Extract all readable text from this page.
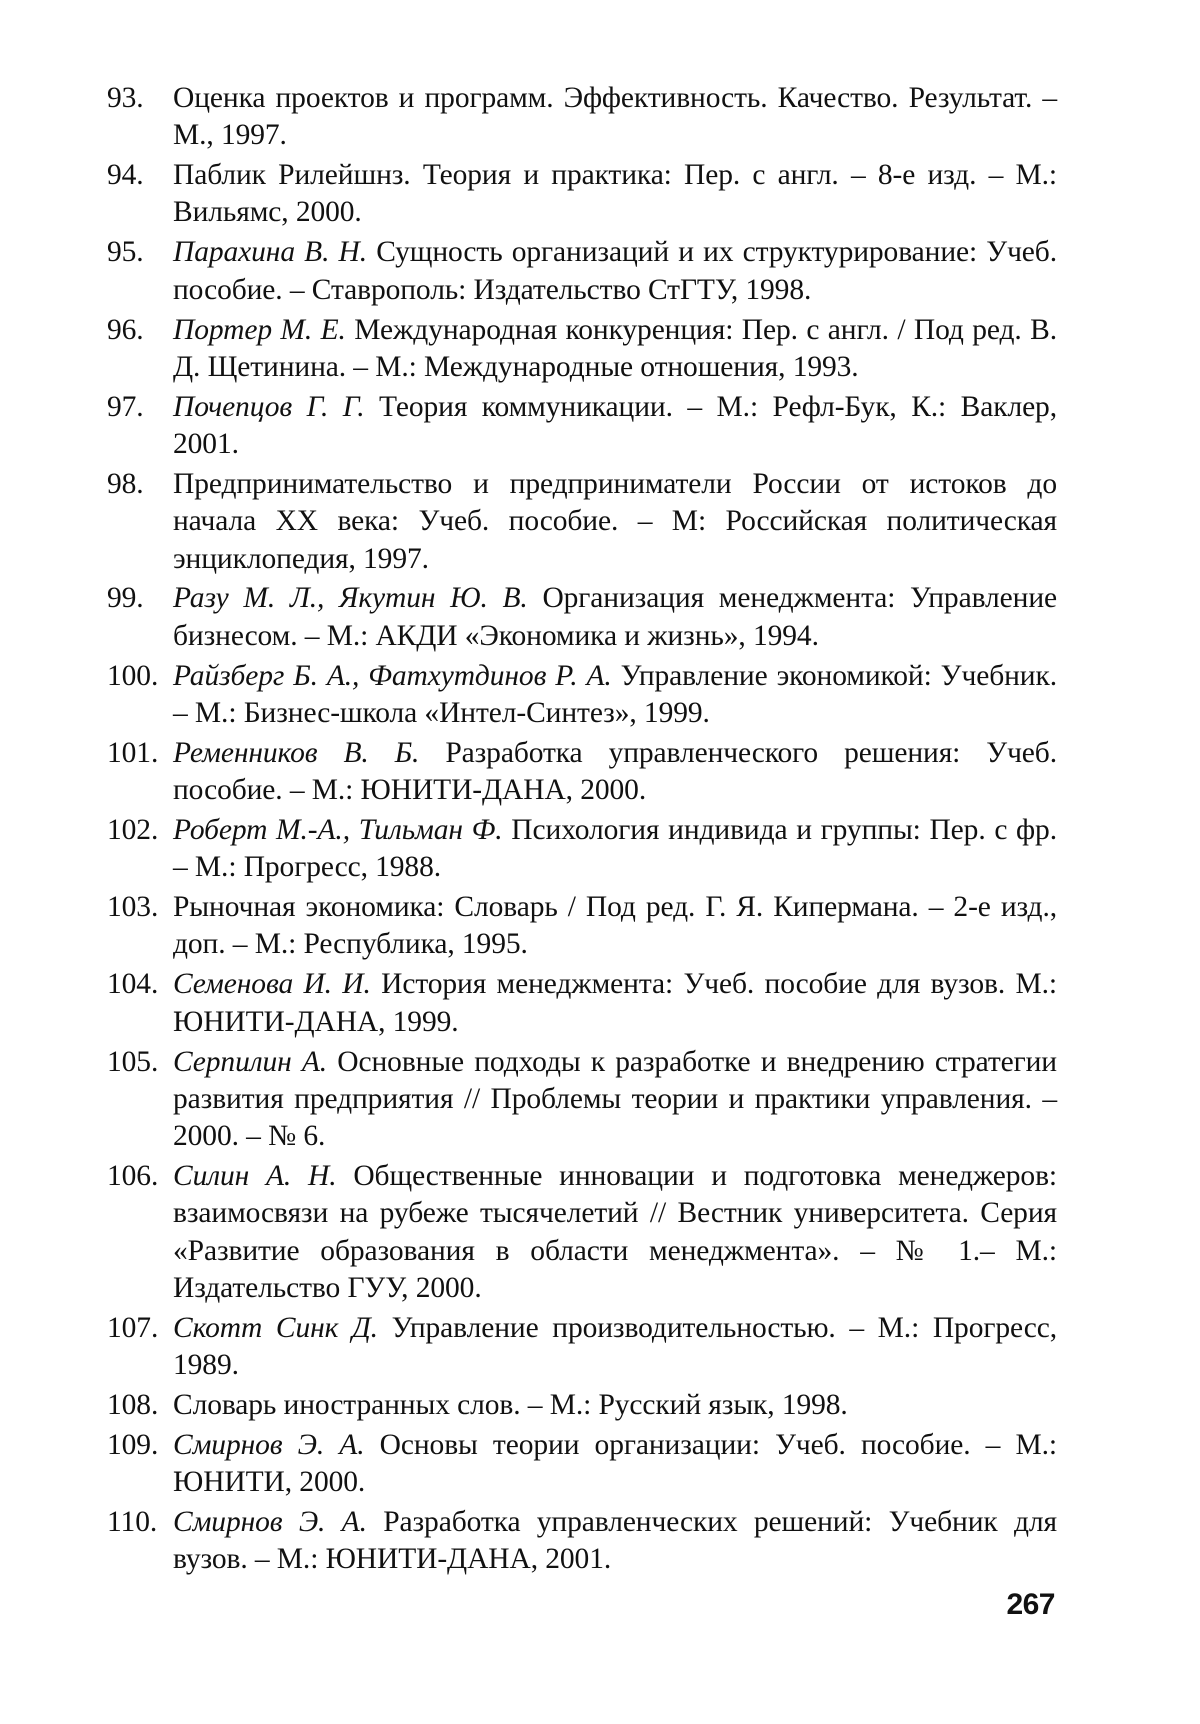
93. Оценка проектов и программ. Эффективность. Качество. Результат. – М., 1997.
94. Паблик Рилейшнз. Теория и практика: Пер. с англ. – 8-е изд. – М.: Вильямс, 2000.
95. Парахина В. Н. Сущность организаций и их структурирование: Учеб. пособие. – Ставрополь: Издательство СтГТУ, 1998.
96. Портер М. Е. Международная конкуренция: Пер. с англ. / Под ред. В. Д. Щетинина. – М.: Международные отношения, 1993.
97. Почепцов Г. Г. Теория коммуникации. – М.: Рефл-Бук, К.: Ваклер, 2001.
98. Предпринимательство и предприниматели России от истоков до начала XX века: Учеб. пособие. – М: Российская политическая энциклопедия, 1997.
99. Разу М. Л., Якутин Ю. В. Организация менеджмента: Управление бизнесом. – М.: АКДИ «Экономика и жизнь», 1994.
100. Райзберг Б. А., Фатхутдинов Р. А. Управление экономикой: Учебник. – М.: Бизнес-школа «Интел-Синтез», 1999.
101. Ременников В. Б. Разработка управленческого решения: Учеб. пособие. – М.: ЮНИТИ-ДАНА, 2000.
102. Роберт М.-А., Тильман Ф. Психология индивида и группы: Пер. с фр. – М.: Прогресс, 1988.
103. Рыночная экономика: Словарь / Под ред. Г. Я. Кипермана. – 2-е изд., доп. – М.: Республика, 1995.
104. Семенова И. И. История менеджмента: Учеб. пособие для вузов. М.: ЮНИТИ-ДАНА, 1999.
105. Серпилин А. Основные подходы к разработке и внедрению стратегии развития предприятия // Проблемы теории и практики управления. – 2000. – № 6.
106. Силин А. Н. Общественные инновации и подготовка менеджеров: взаимосвязи на рубеже тысячелетий // Вестник университета. Серия «Развитие образования в области менеджмента». – № 1.– М.: Издательство ГУУ, 2000.
107. Скотт Синк Д. Управление производительностью. – М.: Прогресс, 1989.
108. Словарь иностранных слов. – М.: Русский язык, 1998.
109. Смирнов Э. А. Основы теории организации: Учеб. пособие. – М.: ЮНИТИ, 2000.
110. Смирнов Э. А. Разработка управленческих решений: Учебник для вузов. – М.: ЮНИТИ-ДАНА, 2001.
267
